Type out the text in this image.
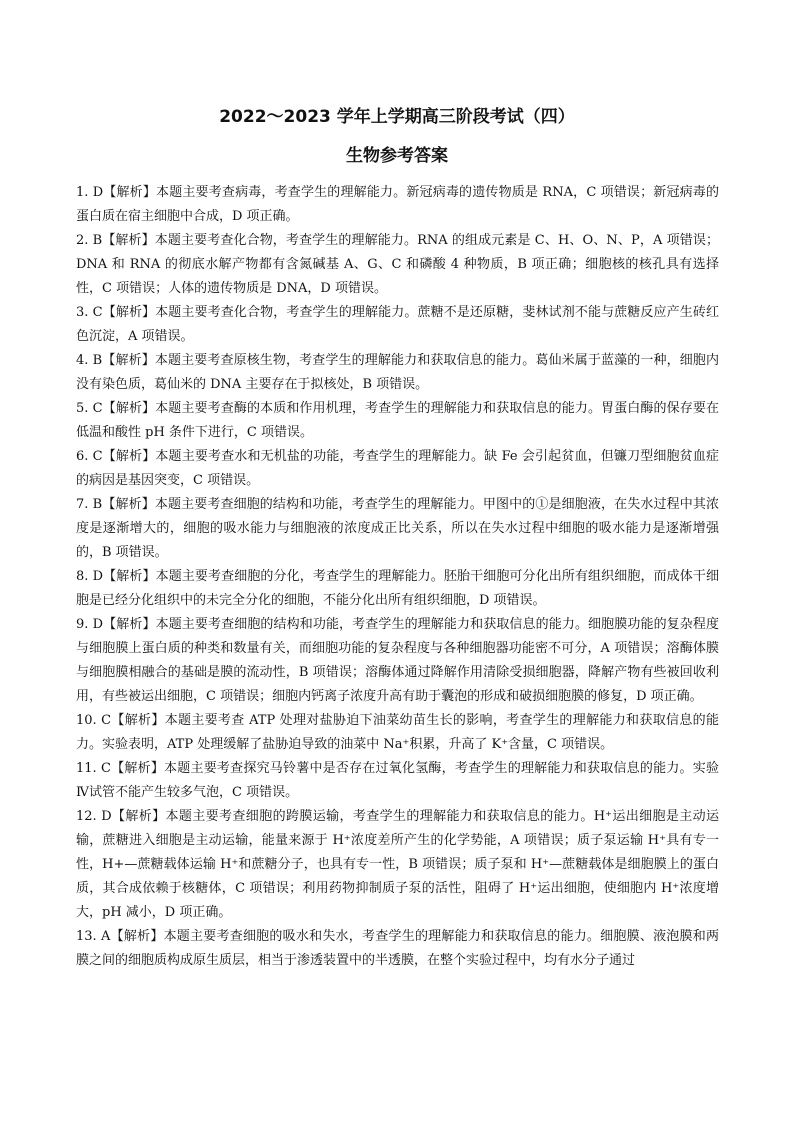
2022～2023 学年上学期高三阶段考试（四）
生物参考答案

1. D【解析】本题主要考查病毒，考查学生的理解能力。新冠病毒的遗传物质是 RNA，C 项错误；新冠病毒的蛋白质在宿主细胞中合成，D 项正确。

2. B【解析】本题主要考查化合物，考查学生的理解能力。RNA 的组成元素是 C、H、O、N、P，A 项错误；DNA 和 RNA 的彻底水解产物都有含氮碱基 A、G、C 和磷酸 4 种物质，B 项正确；细胞核的核孔具有选择性，C 项错误；人体的遗传物质是 DNA，D 项错误。

3. C【解析】本题主要考查化合物，考查学生的理解能力。蔗糖不是还原糖，斐林试剂不能与蔗糖反应产生砖红色沉淀，A 项错误。

4. B【解析】本题主要考查原核生物，考查学生的理解能力和获取信息的能力。葛仙米属于蓝藻的一种，细胞内没有染色质，葛仙米的 DNA 主要存在于拟核处，B 项错误。

5. C【解析】本题主要考查酶的本质和作用机理，考查学生的理解能力和获取信息的能力。胃蛋白酶的保存要在低温和酸性 pH 条件下进行，C 项错误。

6. C【解析】本题主要考查水和无机盐的功能，考查学生的理解能力。缺 Fe 会引起贫血，但镰刀型细胞贫血症的病因是基因突变，C 项错误。

7. B【解析】本题主要考查细胞的结构和功能，考查学生的理解能力。甲图中的①是细胞液，在失水过程中其浓度是逐渐增大的，细胞的吸水能力与细胞液的浓度成正比关系，所以在失水过程中细胞的吸水能力是逐渐增强的，B 项错误。

8. D【解析】本题主要考查细胞的分化，考查学生的理解能力。胚胎干细胞可分化出所有组织细胞，而成体干细胞是已经分化组织中的未完全分化的细胞，不能分化出所有组织细胞，D 项错误。

9. D【解析】本题主要考查细胞的结构和功能，考查学生的理解能力和获取信息的能力。细胞膜功能的复杂程度与细胞膜上蛋白质的种类和数量有关，而细胞功能的复杂程度与各种细胞器功能密不可分，A 项错误；溶酶体膜与细胞膜相融合的基础是膜的流动性，B 项错误；溶酶体通过降解作用清除受损细胞器，降解产物有些被回收利用，有些被运出细胞，C 项错误；细胞内钙离子浓度升高有助于囊泡的形成和破损细胞膜的修复，D 项正确。

10. C【解析】本题主要考查 ATP 处理对盐胁迫下油菜幼苗生长的影响，考查学生的理解能力和获取信息的能力。实验表明，ATP 处理缓解了盐胁迫导致的油菜中 Na⁺积累，升高了 K⁺含量，C 项错误。

11. C【解析】本题主要考查探究马铃薯中是否存在过氧化氢酶，考查学生的理解能力和获取信息的能力。实验Ⅳ试管不能产生较多气泡，C 项错误。

12. D【解析】本题主要考查细胞的跨膜运输，考查学生的理解能力和获取信息的能力。H⁺运出细胞是主动运输，蔗糖进入细胞是主动运输，能量来源于 H⁺浓度差所产生的化学势能，A 项错误；质子泵运输 H⁺具有专一性，H+—蔗糖载体运输 H⁺和蔗糖分子，也具有专一性，B 项错误；质子泵和 H⁺—蔗糖载体是细胞膜上的蛋白质，其合成依赖于核糖体，C 项错误；利用药物抑制质子泵的活性，阻碍了 H⁺运出细胞，使细胞内 H⁺浓度增大，pH 减小，D 项正确。

13. A【解析】本题主要考查细胞的吸水和失水，考查学生的理解能力和获取信息的能力。细胞膜、液泡膜和两膜之间的细胞质构成原生质层，相当于渗透装置中的半透膜，在整个实验过程中，均有水分子通过
